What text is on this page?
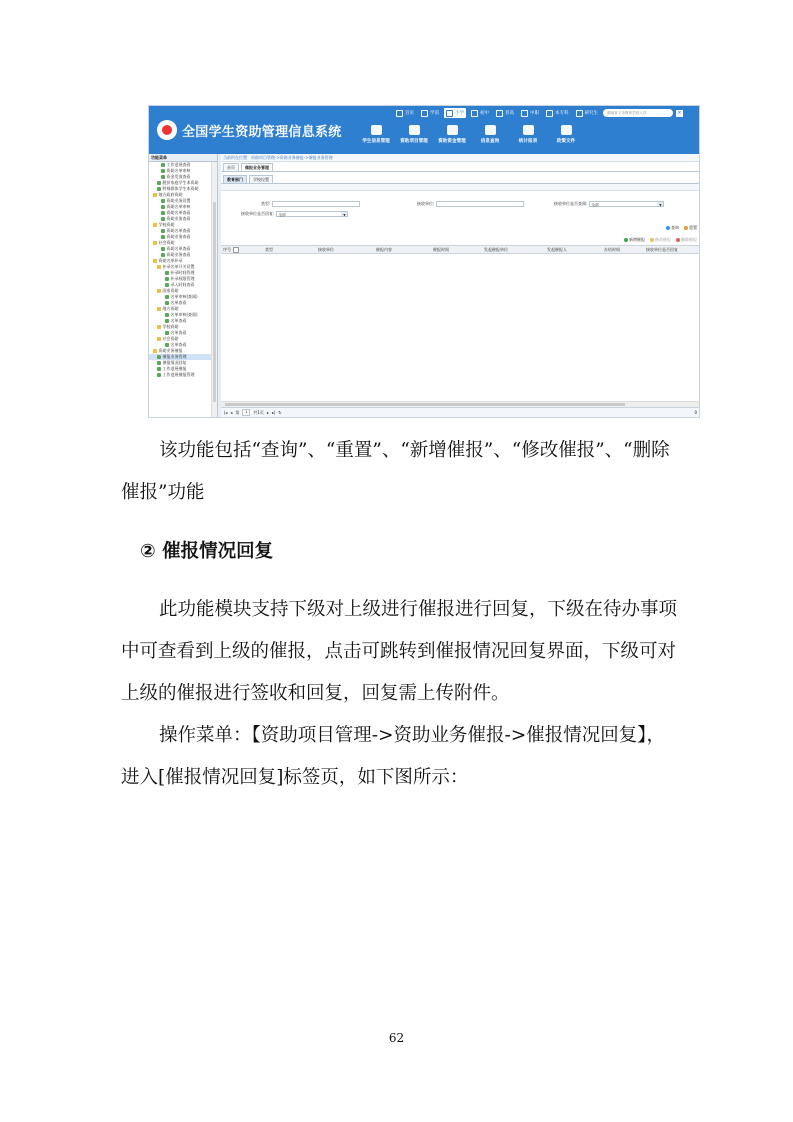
全国学生资助管理信息系统
首页	学前	小学	初中	普高	中职	本专科	研究生	湖南省义务教育学校人员	×
学生信息管理	资助项目管理	资助资金管理	信息查询	统计报表	政策文件
功能菜单
工作进展查看
资助名单审核
资金发放查看
脱贫家庭学生本资助
特殊群体学生本资助
地方政府资助
资助业务设置
资助名单审核
资助名单查看
资助业务查看
学校资助
资助名单查看
资助业务查看
社会资助
资助名单查看
资助业务查看
资助名单补录
补录名单开关设置
补录时间管理
补录权限管理
录入时间查看
国家资助
名单审核(查阅)
名单查看
地方资助
名单审核(查阅)
名单查看
学校资助
名单查看
社会资助
名单查看
资助业务催报
催报业务管理
催报情况回复
工作进展催报
工作进展催报管理
当前所在位置：资助项目管理->资助业务催报->催报业务管理
首页	催报业务管理
教育部门	学校设置
类型:	接收单位:	接收单位是否查阅:	全部	▼
接收单位是否回复:	全部	▼
查询	重置
新增催报	修改催报	删除催报
序号	类型	接收单位	催报内容	催报时间	发起催报单位	发起催报人	办结时间	接收单位是否回复
|◂ ◂ 第	1	共1页 ▸ ▸| ↻	0
该功能包括“查询”、“重置”、“新增催报”、“修改催报”、“删除
催报”功能
② 催报情况回复
此功能模块支持下级对上级进行催报进行回复，下级在待办事项
中可查看到上级的催报，点击可跳转到催报情况回复界面，下级可对
上级的催报进行签收和回复，回复需上传附件。
操作菜单：【资助项目管理->资助业务催报->催报情况回复】，
进入[催报情况回复]标签页，如下图所示：
62
